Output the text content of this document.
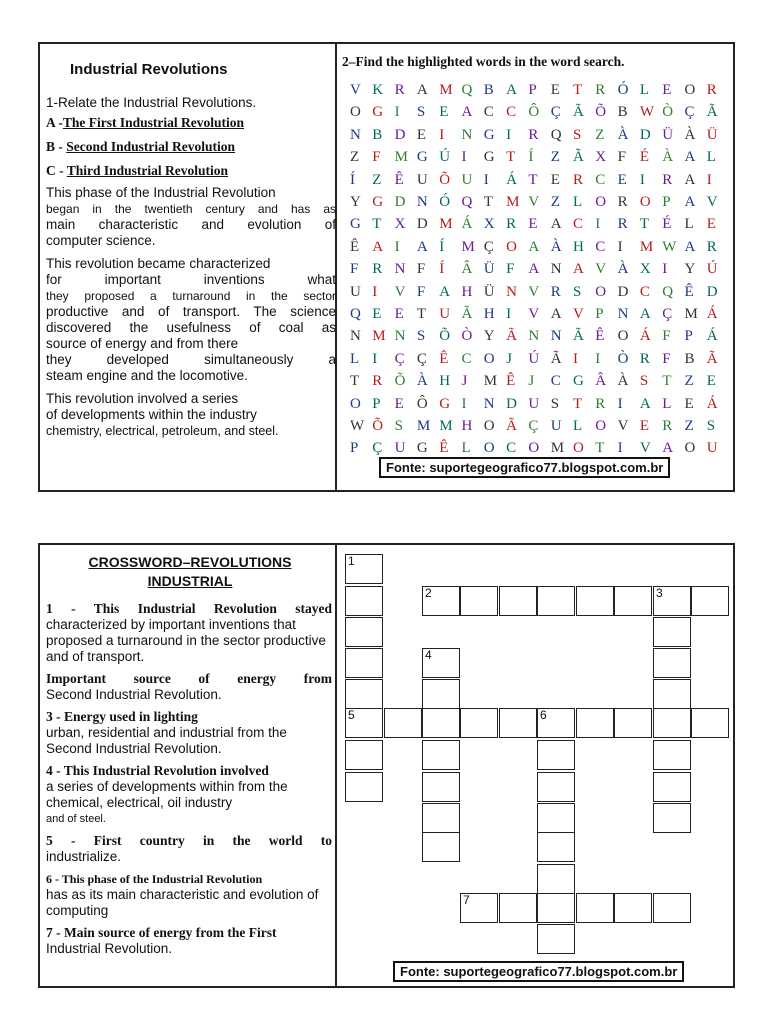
Industrial Revolutions

1-Relate the Industrial Revolutions.

A -The First Industrial Revolution

B - Second Industrial Revolution

C - Third Industrial Revolution

This phase of the Industrial Revolution
began in the twentieth century and has as
main characteristic and evolution of
computer science.
This revolution became characterized
for important inventions what
they proposed a turnaround in the sector
productive and of transport. The science
discovered the usefulness of coal as
source of energy and from there
they developed simultaneously a
steam engine and the locomotive.
This revolution involved a series
of developments within the industry
chemistry, electrical, petroleum, and steel.
2–Find the highlighted words in the word search.
V K R A M Q B A P E T R Ó L E O R
O G I S E A C C Ô Ç Ã Õ B W Ò Ç Ã
N B D E I N G I R Q S Z À D Ü À Ü
Z F M G Ú I G T Í Z Ã X F É À A L
Í Z Ê U Õ U I Á T E R C E I R A I
Y G D N Ó Q T M V Z L O R O P A V
G T X D M Á X R E A C I R T É L E
Ê A I A Í M Ç O A À H C I M W A R
F R N F Í Â Ü F A N A V À X I Y Ú
U I V F A H Ü N V R S O D C Q Ê D
Q E E T U Ã H I V A V P N A Ç M Á
N M N S Õ Ò Y Ã N N Ã Ê O Á F P Á
L I Ç Ç Ê C O J Ú Ã I I Ò R F B Ã
T R Õ À H J M Ê J C G Â À S T Z E
O P E Ô G I N D U S T R I A L E Á
W Õ S M M H O Ã Ç U L O V E R Z S
P Ç U G Ê L O C O M O T I V A O U
Fonte: suportegeografico77.blogspot.com.br
CROSSWORD–REVOLUTIONS
INDUSTRIAL
1 - This Industrial Revolution stayed
characterized by important inventions that proposed a turnaround in the sector productive and of transport.
Important source of energy from
Second Industrial Revolution.
3 - Energy used in lighting
urban, residential and industrial from the Second Industrial Revolution.
4 - This Industrial Revolution involved
a series of developments within from the chemical, electrical, oil industry
and of steel.
5 - First country in the world to
industrialize.
6 - This phase of the Industrial Revolution
has as its main characteristic and evolution of computing
7 - Main source of energy from the First
Industrial Revolution.
1
5
2	3
4
6
7
Fonte: suportegeografico77.blogspot.com.br
